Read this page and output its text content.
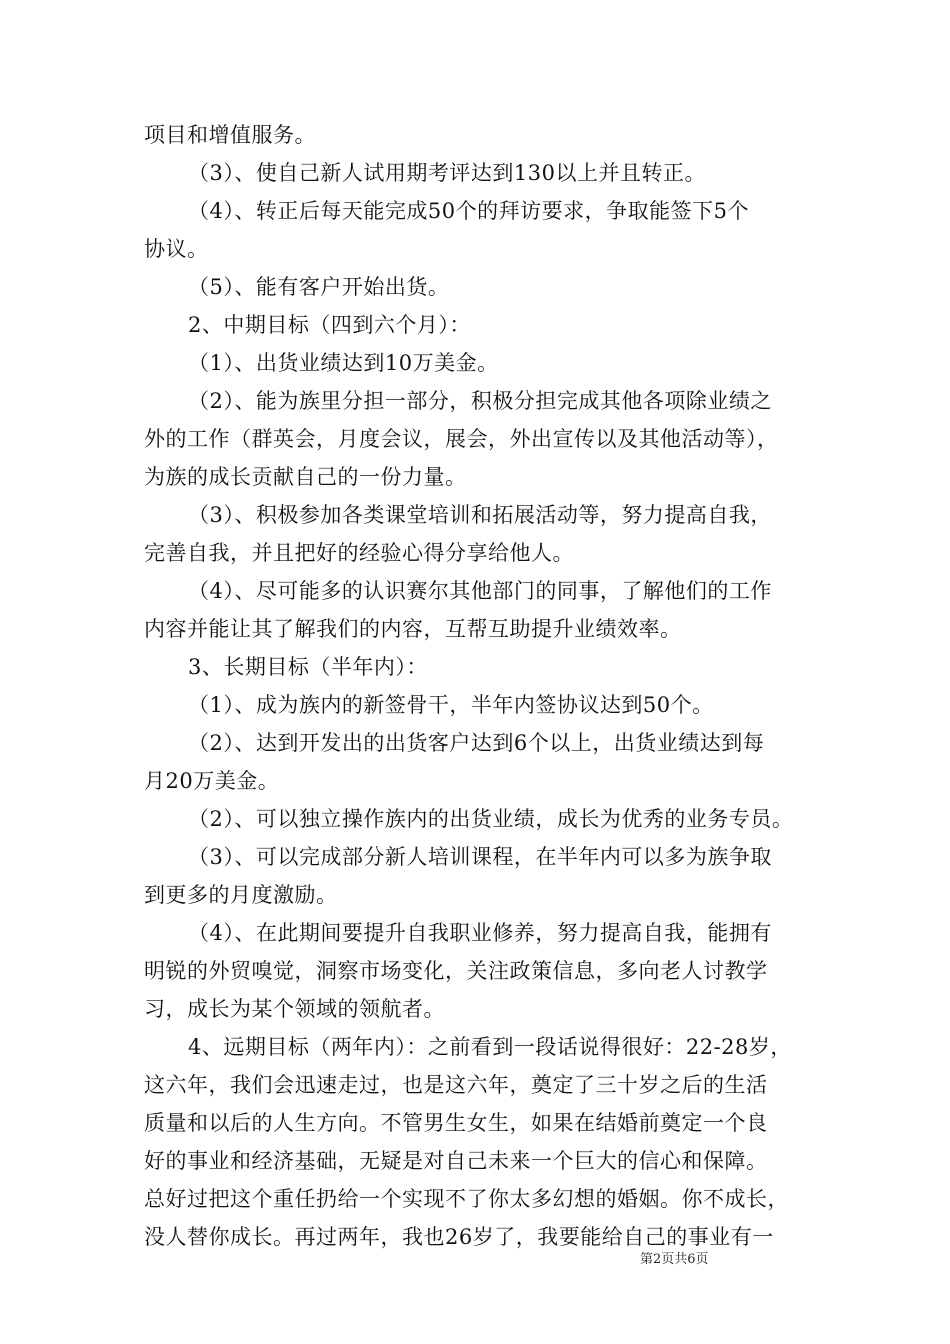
项目和增值服务。
（3）、使自己新人试用期考评达到130以上并且转正。
（4）、转正后每天能完成50个的拜访要求，争取能签下5个
协议。
（5）、能有客户开始出货。
2、中期目标（四到六个月）：
（1）、出货业绩达到10万美金。
（2）、能为族里分担一部分，积极分担完成其他各项除业绩之
外的工作（群英会，月度会议，展会，外出宣传以及其他活动等），
为族的成长贡献自己的一份力量。
（3）、积极参加各类课堂培训和拓展活动等，努力提高自我，
完善自我，并且把好的经验心得分享给他人。
（4）、尽可能多的认识赛尔其他部门的同事，了解他们的工作
内容并能让其了解我们的内容，互帮互助提升业绩效率。
3、长期目标（半年内）：
（1）、成为族内的新签骨干，半年内签协议达到50个。
（2）、达到开发出的出货客户达到6个以上，出货业绩达到每
月20万美金。
（2）、可以独立操作族内的出货业绩，成长为优秀的业务专员。
（3）、可以完成部分新人培训课程，在半年内可以多为族争取
到更多的月度激励。
（4）、在此期间要提升自我职业修养，努力提高自我，能拥有
明锐的外贸嗅觉，洞察市场变化，关注政策信息，多向老人讨教学
习，成长为某个领域的领航者。
4、远期目标（两年内）：之前看到一段话说得很好：22-28岁，
这六年，我们会迅速走过，也是这六年，奠定了三十岁之后的生活
质量和以后的人生方向。不管男生女生，如果在结婚前奠定一个良
好的事业和经济基础，无疑是对自己未来一个巨大的信心和保障。
总好过把这个重任扔给一个实现不了你太多幻想的婚姻。你不成长，
没人替你成长。再过两年，我也26岁了，我要能给自己的事业有一
第2页共6页
